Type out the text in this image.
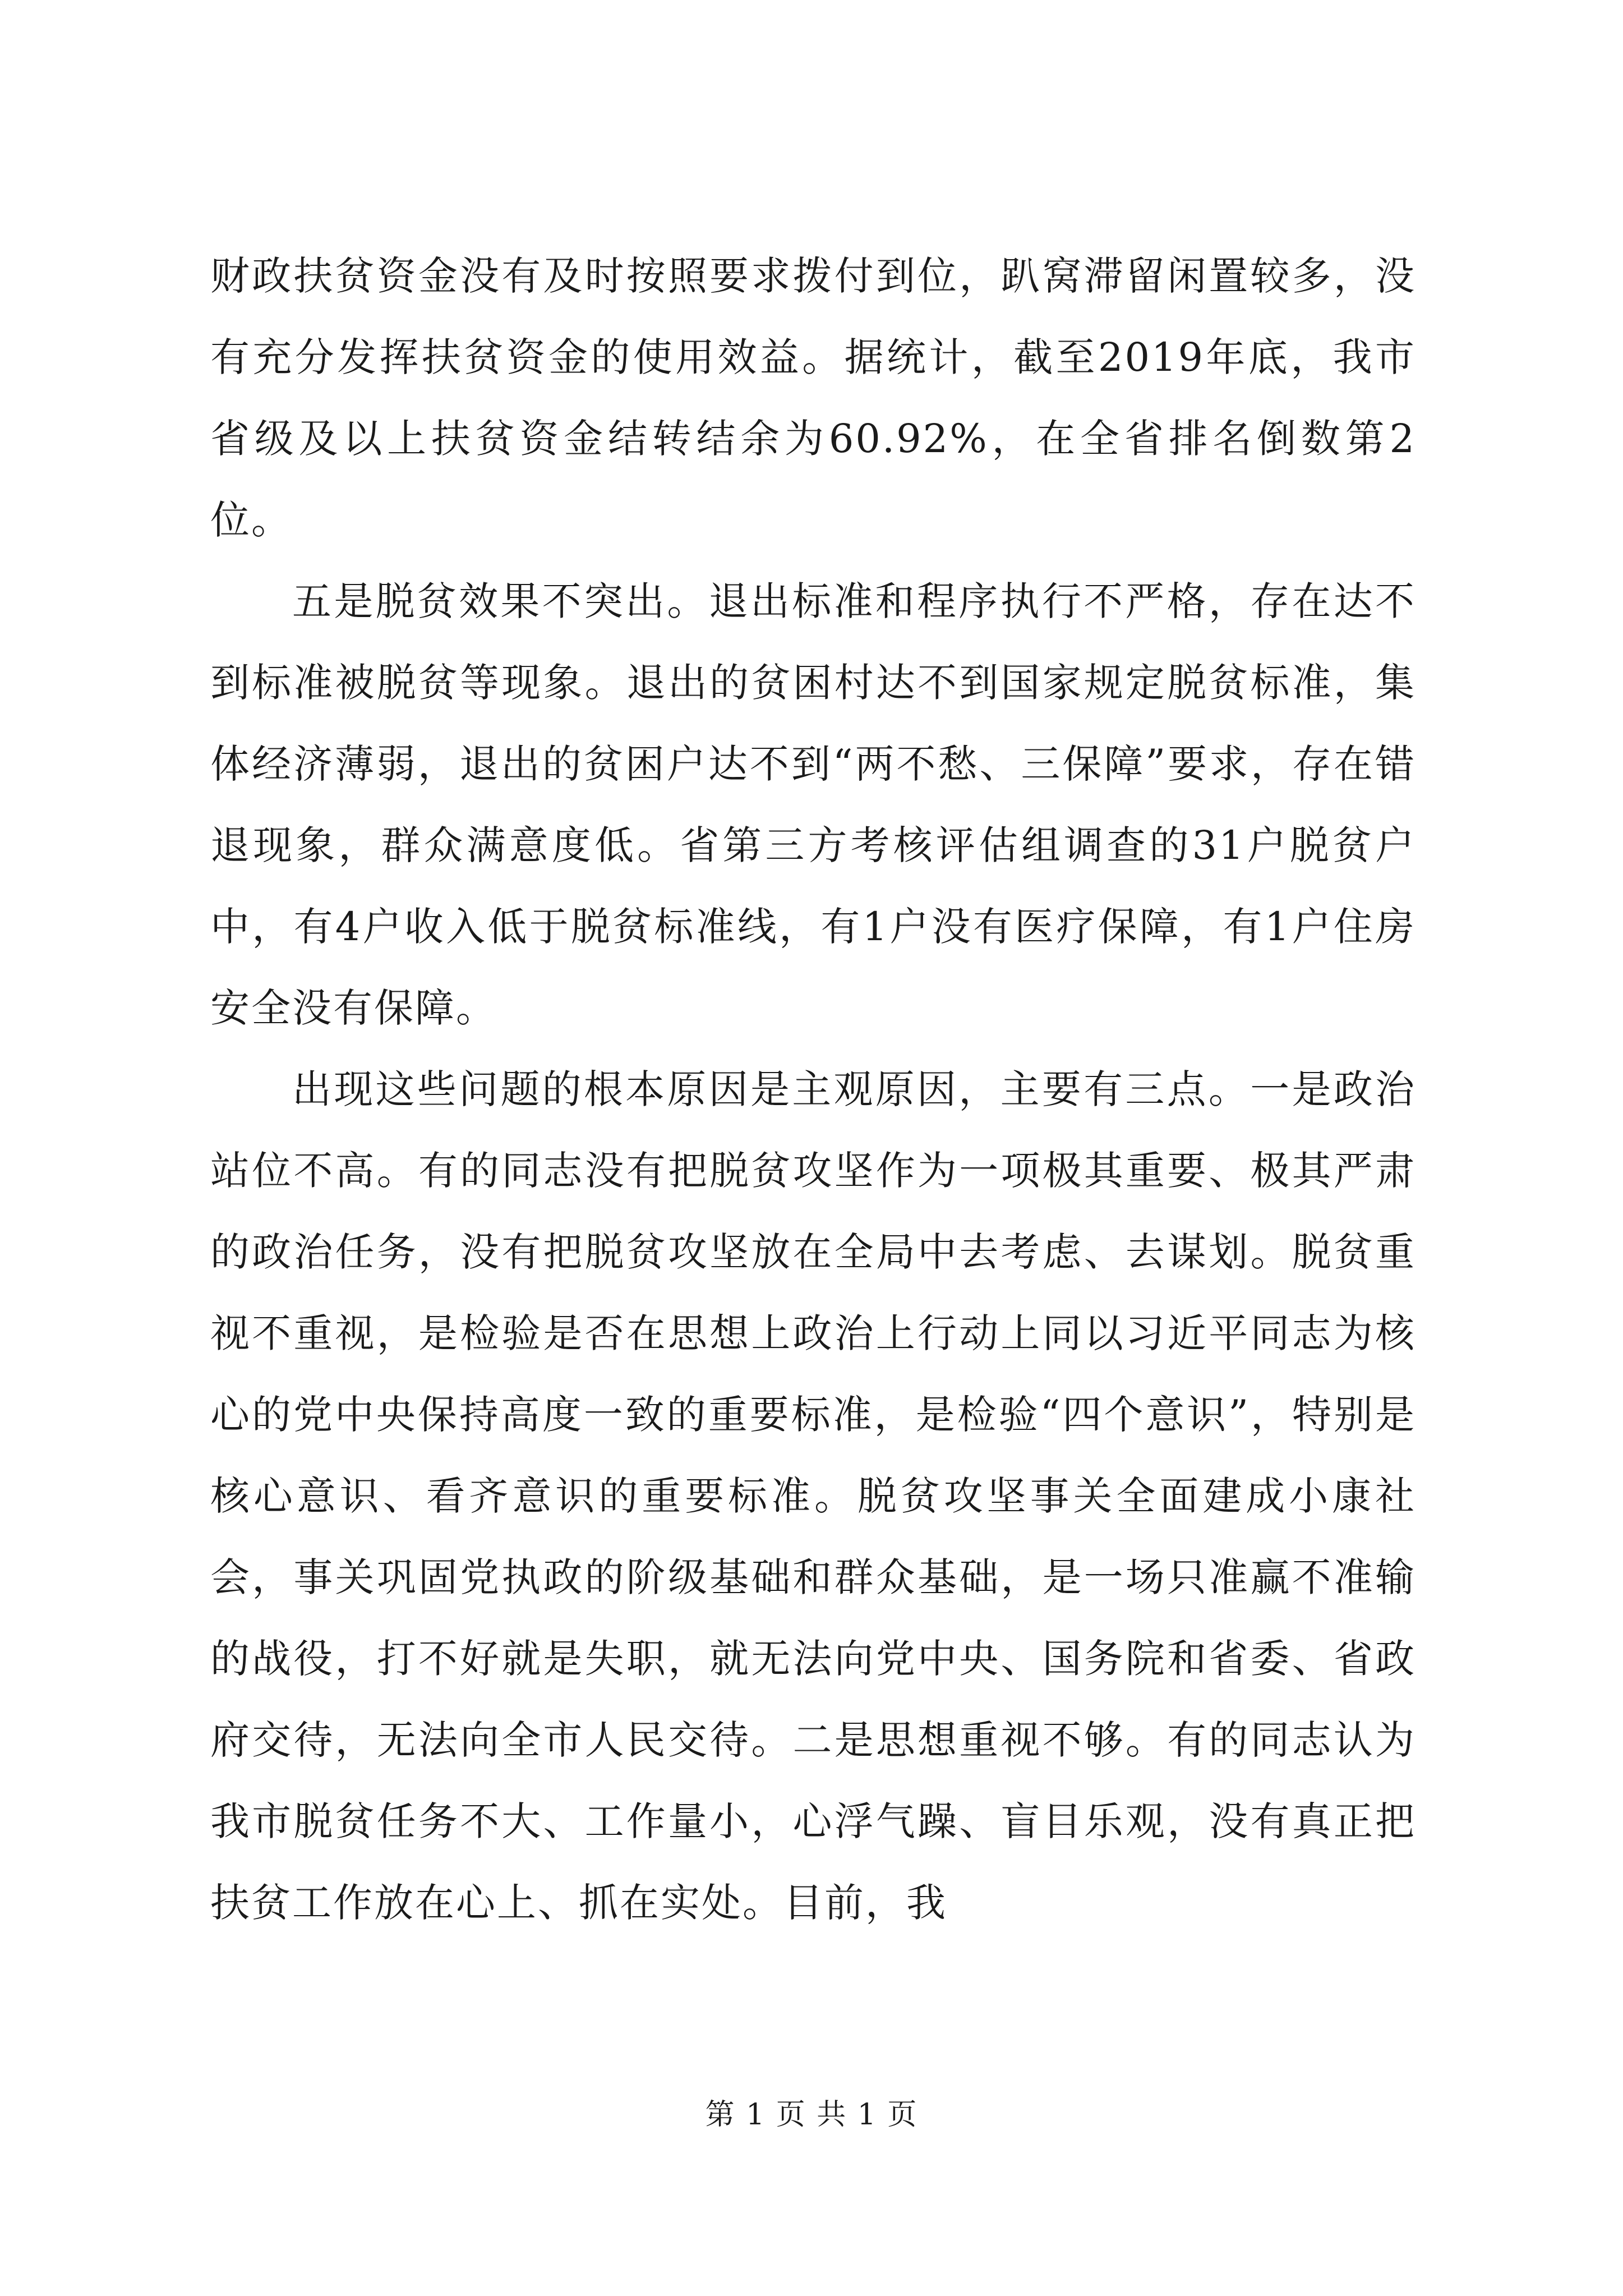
财政扶贫资金没有及时按照要求拨付到位，趴窝滞留闲置较多，没有充分发挥扶贫资金的使用效益。据统计，截至2019年底，我市省级及以上扶贫资金结转结余为60.92%，在全省排名倒数第2位。

五是脱贫效果不突出。退出标准和程序执行不严格，存在达不到标准被脱贫等现象。退出的贫困村达不到国家规定脱贫标准，集体经济薄弱，退出的贫困户达不到“两不愁、三保障”要求，存在错退现象，群众满意度低。省第三方考核评估组调查的31户脱贫户中，有4户收入低于脱贫标准线，有1户没有医疗保障，有1户住房安全没有保障。

出现这些问题的根本原因是主观原因，主要有三点。一是政治站位不高。有的同志没有把脱贫攻坚作为一项极其重要、极其严肃的政治任务，没有把脱贫攻坚放在全局中去考虑、去谋划。脱贫重视不重视，是检验是否在思想上政治上行动上同以习近平同志为核心的党中央保持高度一致的重要标准，是检验“四个意识”，特别是核心意识、看齐意识的重要标准。脱贫攻坚事关全面建成小康社会，事关巩固党执政的阶级基础和群众基础，是一场只准赢不准输的战役，打不好就是失职，就无法向党中央、国务院和省委、省政府交待，无法向全市人民交待。二是思想重视不够。有的同志认为我市脱贫任务不大、工作量小，心浮气躁、盲目乐观，没有真正把扶贫工作放在心上、抓在实处。目前，我

第 1 页 共 1 页
